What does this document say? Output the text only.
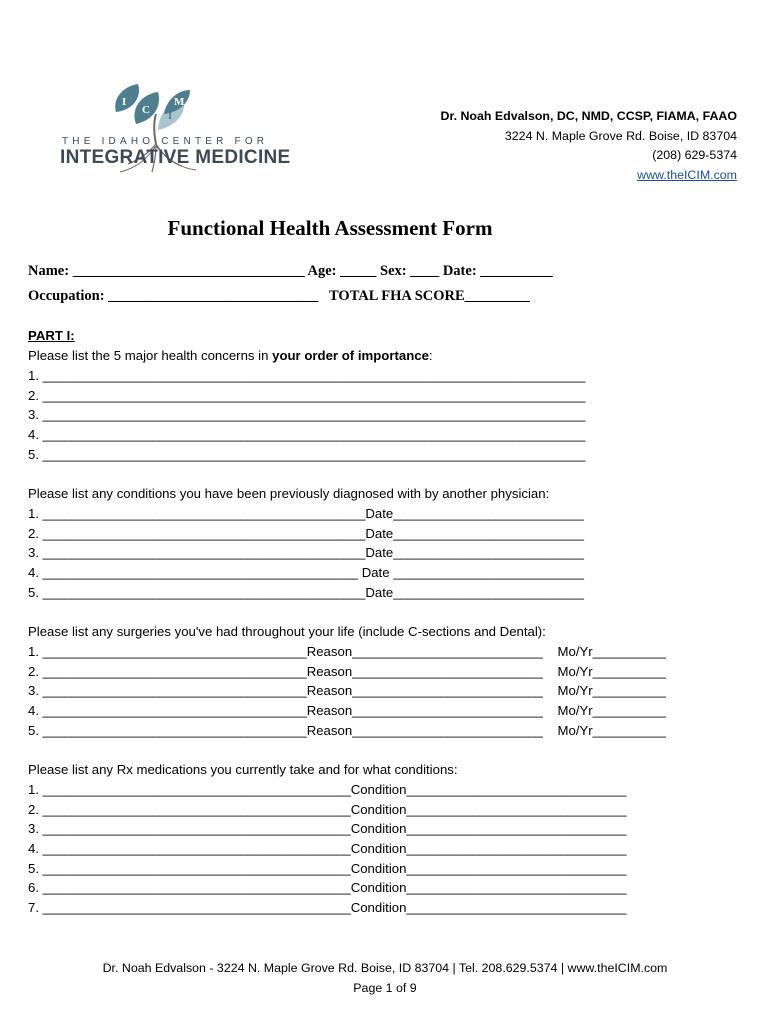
I
C I
M
THE IDAHO CENTER FOR
INTEGRATIVE MEDICINE
Dr. Noah Edvalson, DC, NMD, CCSP, FIAMA, FAAO
3224 N. Maple Grove Rd. Boise, ID 83704
(208) 629-5374
www.theICIM.com
Functional Health Assessment Form
Name: ________________________________ Age: _____ Sex: ____ Date: __________
Occupation: _____________________________   TOTAL FHA SCORE_________
PART I:
Please list the 5 major health concerns in your order of importance:
1. __________________________________________________________________________
2. __________________________________________________________________________
3. __________________________________________________________________________
4. __________________________________________________________________________
5. __________________________________________________________________________
Please list any conditions you have been previously diagnosed with by another physician:
1. ____________________________________________Date__________________________
2. ____________________________________________Date__________________________
3. ____________________________________________Date__________________________
4. ___________________________________________ Date __________________________
5. ____________________________________________Date__________________________
Please list any surgeries you've had throughout your life (include C-sections and Dental):
1. ____________________________________Reason__________________________    Mo/Yr__________
2. ____________________________________Reason__________________________    Mo/Yr__________
3. ____________________________________Reason__________________________    Mo/Yr__________
4. ____________________________________Reason__________________________    Mo/Yr__________
5. ____________________________________Reason__________________________    Mo/Yr__________
Please list any Rx medications you currently take and for what conditions:
1. __________________________________________Condition______________________________
2. __________________________________________Condition______________________________
3. __________________________________________Condition______________________________
4. __________________________________________Condition______________________________
5. __________________________________________Condition______________________________
6. __________________________________________Condition______________________________
7. __________________________________________Condition______________________________
Dr. Noah Edvalson - 3224 N. Maple Grove Rd. Boise, ID 83704 | Tel. 208.629.5374 | www.theICIM.com
Page 1 of 9
